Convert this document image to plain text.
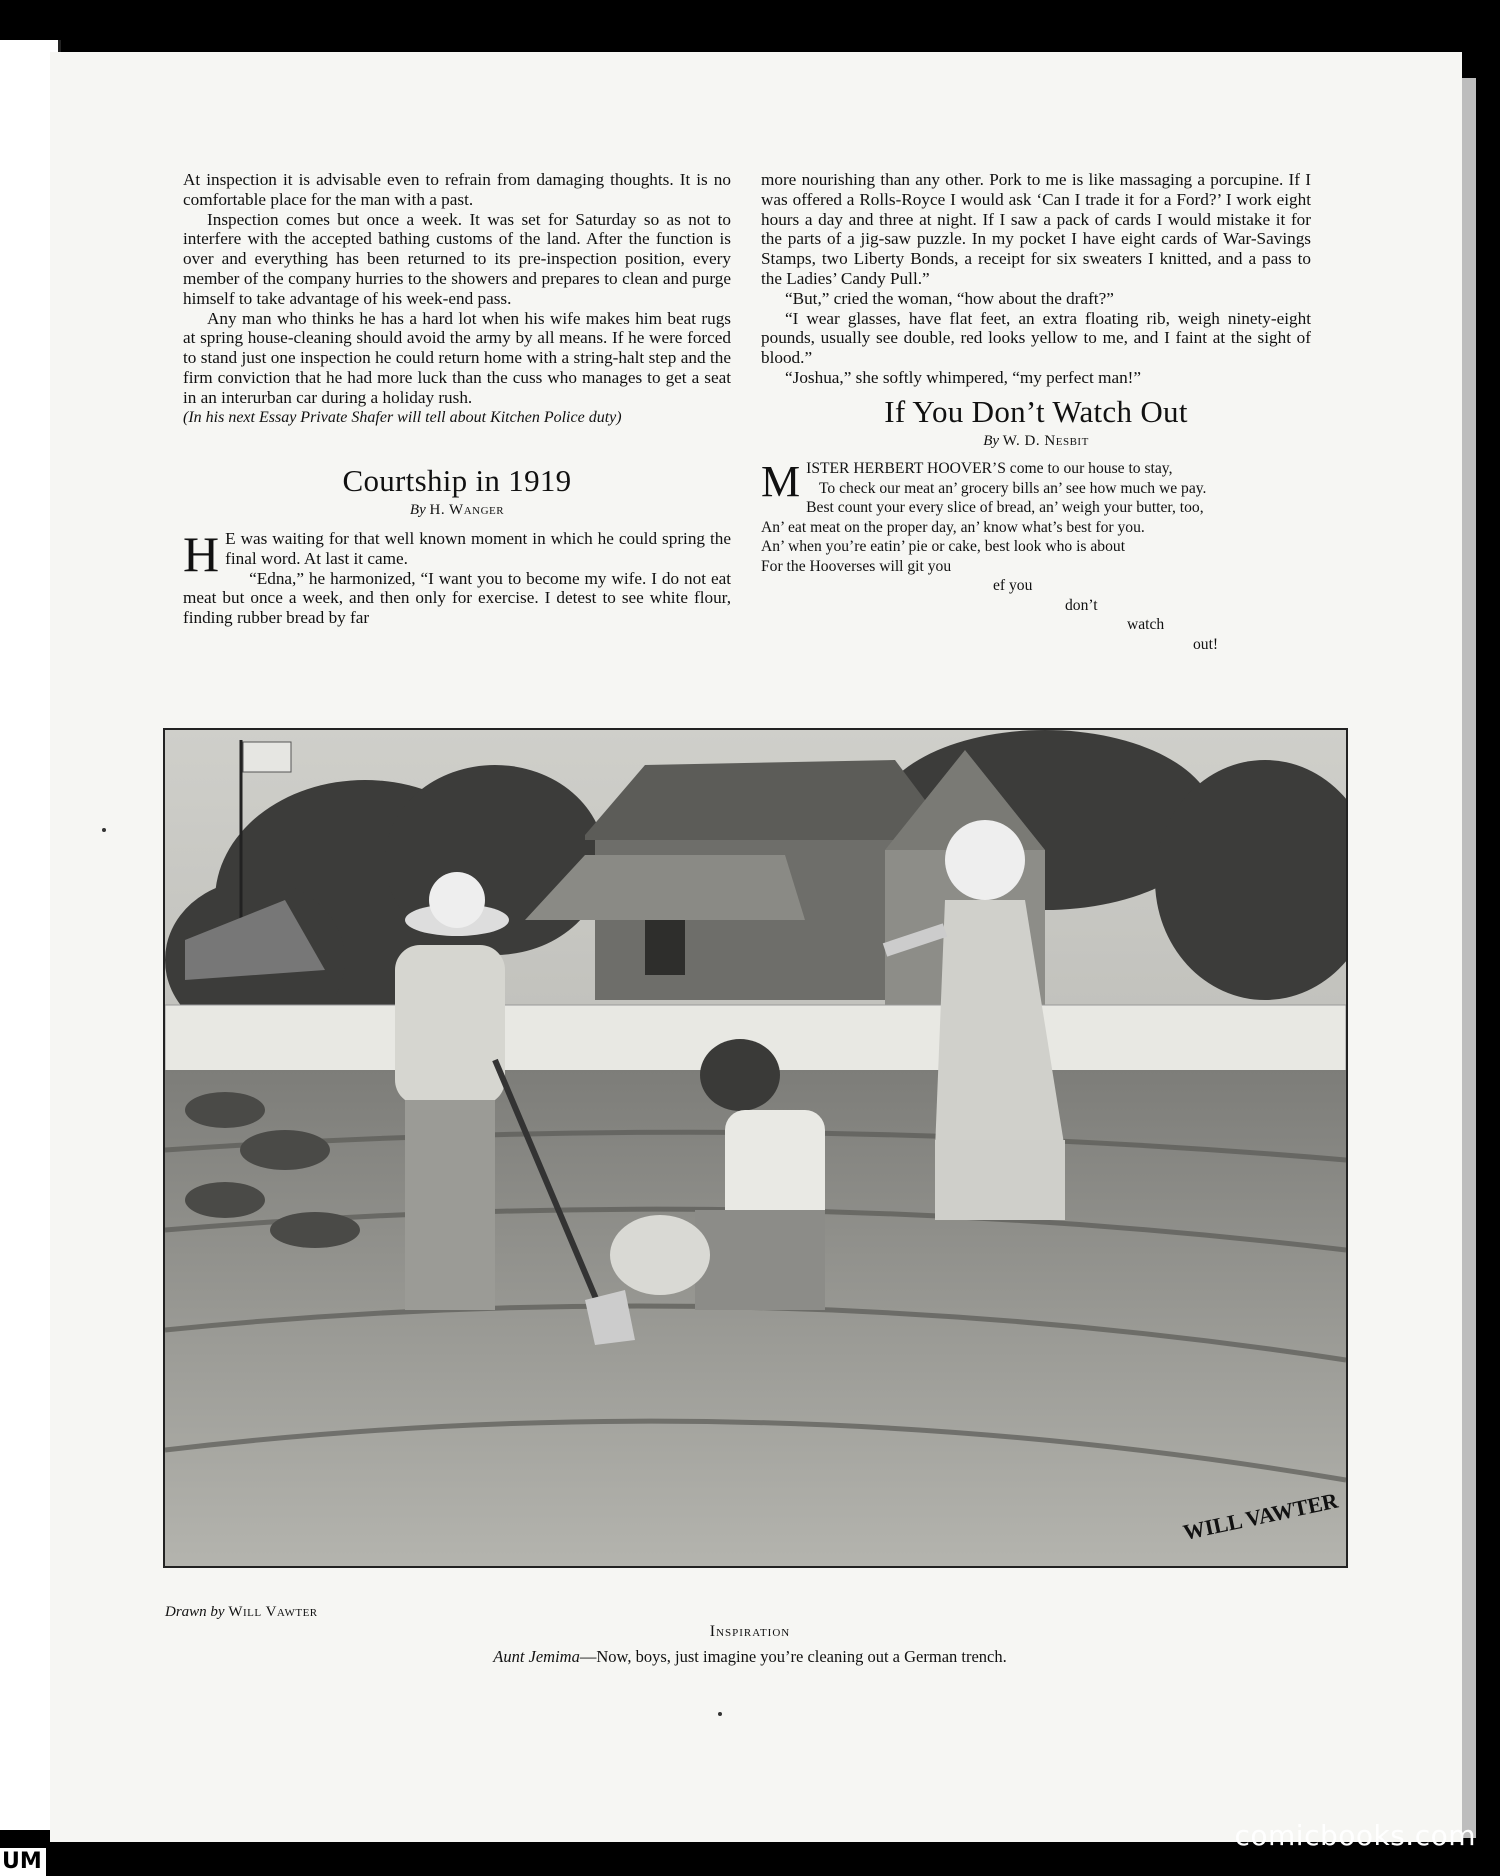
At inspection it is advisable even to refrain from damaging thoughts. It is no comfortable place for the man with a past.

Inspection comes but once a week. It was set for Saturday so as not to interfere with the accepted bathing customs of the land. After the function is over and everything has been returned to its pre-inspection position, every member of the company hurries to the showers and prepares to clean and purge himself to take advantage of his week-end pass.

Any man who thinks he has a hard lot when his wife makes him beat rugs at spring house-cleaning should avoid the army by all means. If he were forced to stand just one inspection he could return home with a string-halt step and the firm conviction that he had more luck than the cuss who manages to get a seat in an interurban car during a holiday rush.

(In his next Essay Private Shafer will tell about Kitchen Police duty)

Courtship in 1919
By H. Wanger

H E was waiting for that well known moment in which he could spring the final word. At last it came.

“Edna,” he harmonized, “I want you to become my wife. I do not eat meat but once a week, and then only for exercise. I detest to see white flour, finding rubber bread by far

more nourishing than any other. Pork to me is like massaging a porcupine. If I was offered a Rolls-Royce I would ask ‘Can I trade it for a Ford?’ I work eight hours a day and three at night. If I saw a pack of cards I would mistake it for the parts of a jig-saw puzzle. In my pocket I have eight cards of War-Savings Stamps, two Liberty Bonds, a receipt for six sweaters I knitted, and a pass to the Ladies’ Candy Pull.”

“But,” cried the woman, “how about the draft?”

“I wear glasses, have flat feet, an extra floating rib, weigh ninety-eight pounds, usually see double, red looks yellow to me, and I faint at the sight of blood.”

“Joshua,” she softly whimpered, “my perfect man!”

If You Don’t Watch Out
By W. D. Nesbit
M ISTER HERBERT HOOVER’S come to our house to stay,
To check our meat an’ grocery bills an’ see how much we pay.
Best count your every slice of bread, an’ weigh your butter, too,
An’ eat meat on the proper day, an’ know what’s best for you.
An’ when you’re eatin’ pie or cake, best look who is about
For the Hooverses will git you
ef you
don’t
watch
out!
WILL VAWTER
Drawn by Will Vawter
Inspiration
Aunt Jemima—Now, boys, just imagine you’re cleaning out a German trench.
comicbooks.com
UM
